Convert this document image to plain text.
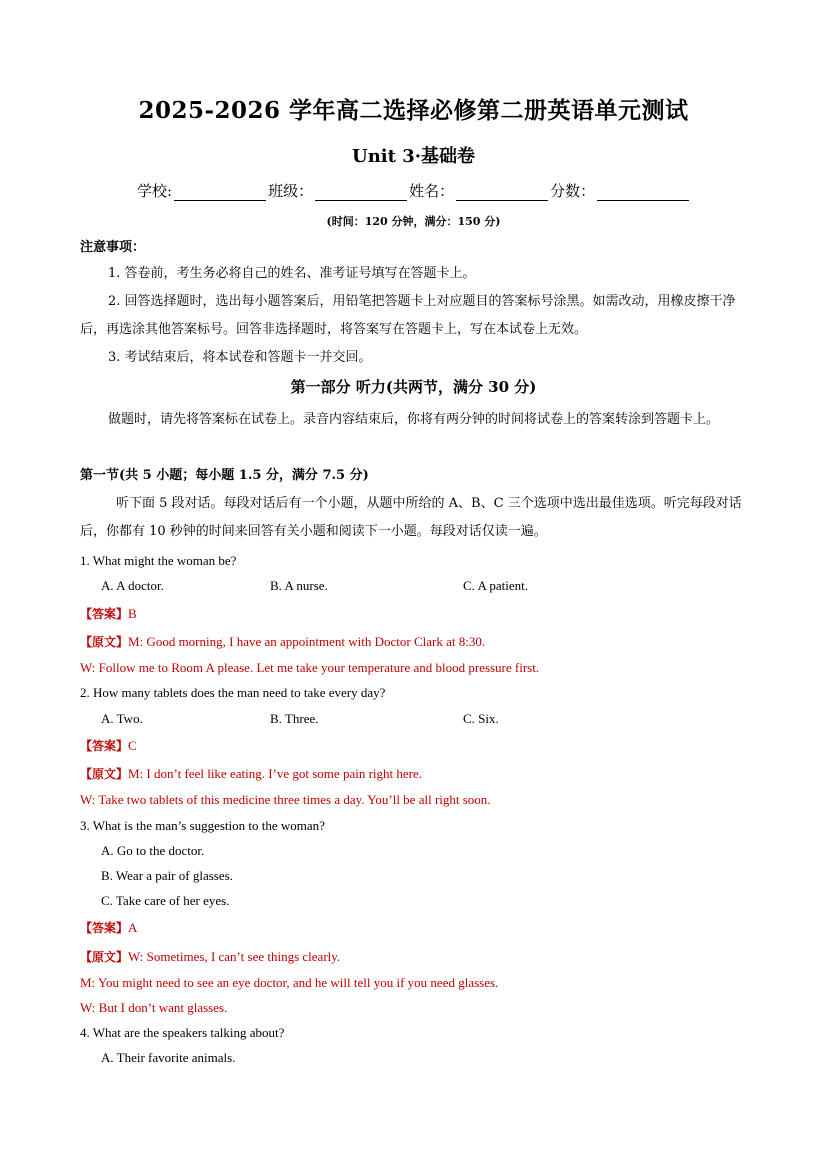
2025-2026 学年高二选择必修第二册英语单元测试
Unit 3·基础卷
学校:	班级：	姓名：	分数：
(时间：120 分钟，满分：150 分)
注意事项：
1. 答卷前，考生务必将自己的姓名、准考证号填写在答题卡上。
2. 回答选择题时，选出每小题答案后，用铅笔把答题卡上对应题目的答案标号涂黑。如需改动，用橡皮擦干净后，再选涂其他答案标号。回答非选择题时，将答案写在答题卡上，写在本试卷上无效。
3. 考试结束后，将本试卷和答题卡一并交回。
第一部分 听力(共两节，满分 30 分)
做题时，请先将答案标在试卷上。录音内容结束后，你将有两分钟的时间将试卷上的答案转涂到答题卡上。
第一节(共 5 小题；每小题 1.5 分，满分 7.5 分)
听下面 5 段对话。每段对话后有一个小题，从题中所给的 A、B、C 三个选项中选出最佳选项。听完每段对话后，你都有 10 秒钟的时间来回答有关小题和阅读下一小题。每段对话仅读一遍。
1. What might the woman be?
A. A doctor.	B. A nurse.	C. A patient.
【答案】B
【原文】M: Good morning, I have an appointment with Doctor Clark at 8:30.
W: Follow me to Room A please. Let me take your temperature and blood pressure first.
2. How many tablets does the man need to take every day?
A. Two.	B. Three.	C. Six.
【答案】C
【原文】M: I don’t feel like eating. I’ve got some pain right here.
W: Take two tablets of this medicine three times a day. You’ll be all right soon.
3. What is the man’s suggestion to the woman?
A. Go to the doctor.
B. Wear a pair of glasses.
C. Take care of her eyes.
【答案】A
【原文】W: Sometimes, I can’t see things clearly.
M: You might need to see an eye doctor, and he will tell you if you need glasses.
W: But I don’t want glasses.
4. What are the speakers talking about?
A. Their favorite animals.
